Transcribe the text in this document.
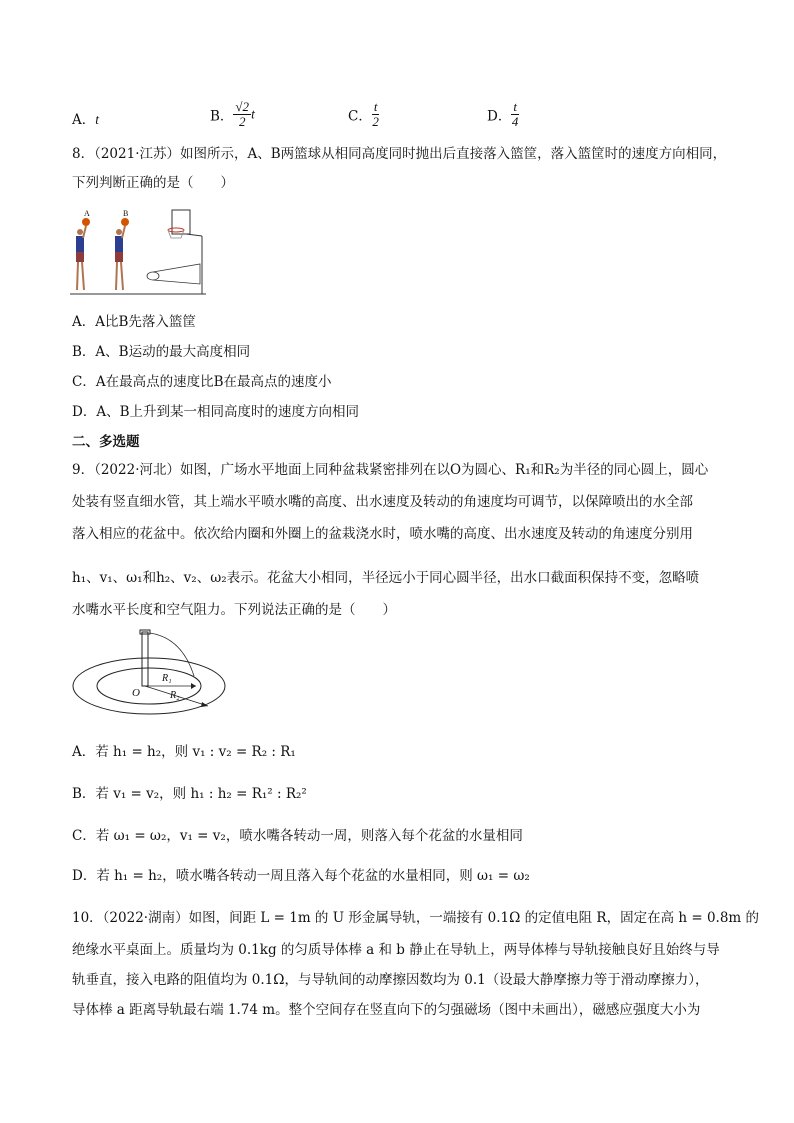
A．t	B． $\frac{√2}{2}$ t	C． $\frac{t}{2}$	D． $\frac{t}{4}$
8．（2021·江苏）如图所示，A、B两篮球从相同高度同时抛出后直接落入篮筐，落入篮筐时的速度方向相同，
下列判断正确的是（　　）
A	B
A．A比B先落入篮筐
B．A、B运动的最大高度相同
C．A在最高点的速度比B在最高点的速度小
D．A、B上升到某一相同高度时的速度方向相同
二、多选题
9．（2022·河北）如图，广场水平地面上同种盆栽紧密排列在以O为圆心、R₁和R₂为半径的同心圆上，圆心
处装有竖直细水管，其上端水平喷水嘴的高度、出水速度及转动的角速度均可调节，以保障喷出的水全部
落入相应的花盆中。依次给内圈和外圈上的盆栽浇水时，喷水嘴的高度、出水速度及转动的角速度分别用
h₁、v₁、ω₁和h₂、v₂、ω₂表示。花盆大小相同，半径远小于同心圆半径，出水口截面积保持不变，忽略喷
水嘴水平长度和空气阻力。下列说法正确的是（　　）
O
R₁
R₂
A．若 h₁ = h₂，则 v₁ : v₂ = R₂ : R₁
B．若 v₁ = v₂，则 h₁ : h₂ = R₁² : R₂²
C．若 ω₁ = ω₂，v₁ = v₂，喷水嘴各转动一周，则落入每个花盆的水量相同
D．若 h₁ = h₂，喷水嘴各转动一周且落入每个花盆的水量相同，则 ω₁ = ω₂
10．（2022·湖南）如图，间距 L = 1m 的 U 形金属导轨，一端接有 0.1Ω 的定值电阻 R，固定在高 h = 0.8m 的
绝缘水平桌面上。质量均为 0.1kg 的匀质导体棒 a 和 b 静止在导轨上，两导体棒与导轨接触良好且始终与导
轨垂直，接入电路的阻值均为 0.1Ω，与导轨间的动摩擦因数均为 0.1（设最大静摩擦力等于滑动摩擦力），
导体棒 a 距离导轨最右端 1.74 m。整个空间存在竖直向下的匀强磁场（图中未画出），磁感应强度大小为
